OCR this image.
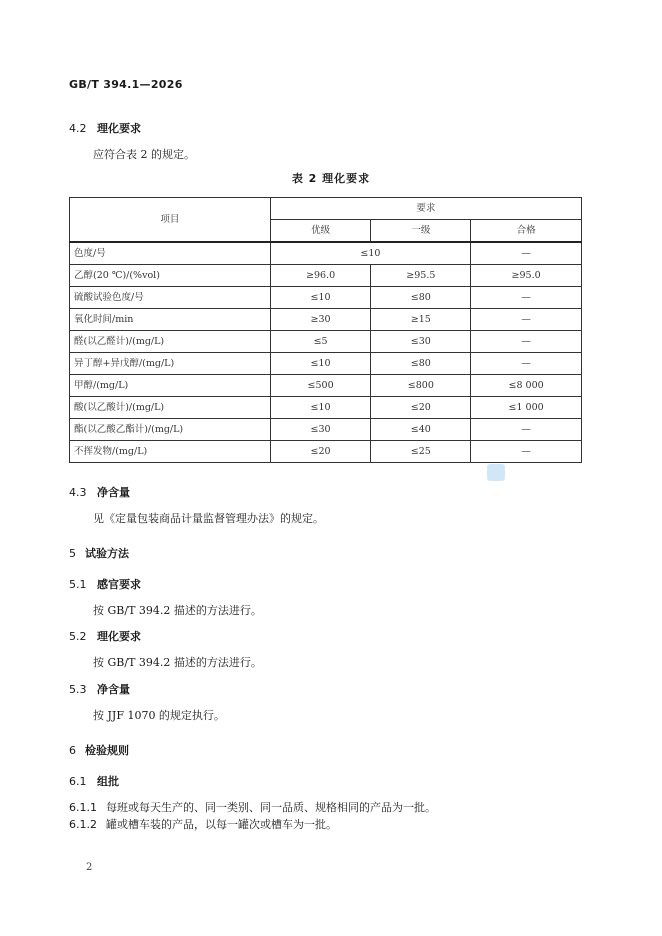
GB/T 394.1—2026
4.2 理化要求
应符合表 2 的规定。
表 2 理化要求
项目	要求		
	优级	一级	合格
色度/号	≤10		—
乙醇(20 ℃)/(%vol)	≥96.0	≥95.5	≥95.0
硫酸试验色度/号	≤10	≤80	—
氧化时间/min	≥30	≥15	—
醛(以乙醛计)/(mg/L)	≤5	≤30	—
异丁醇+异戊醇/(mg/L)	≤10	≤80	—
甲醇/(mg/L)	≤500	≤800	≤8 000
酸(以乙酸计)/(mg/L)	≤10	≤20	≤1 000
酯(以乙酸乙酯计)/(mg/L)	≤30	≤40	—
不挥发物/(mg/L)	≤20	≤25	—
4.3 净含量
见《定量包装商品计量监督管理办法》的规定。
5 试验方法
5.1 感官要求
按 GB/T 394.2 描述的方法进行。
5.2 理化要求
按 GB/T 394.2 描述的方法进行。
5.3 净含量
按 JJF 1070 的规定执行。
6 检验规则
6.1 组批
6.1.1 每班或每天生产的、同一类别、同一品质、规格相同的产品为一批。
6.1.2 罐或槽车装的产品，以每一罐次或槽车为一批。
2
